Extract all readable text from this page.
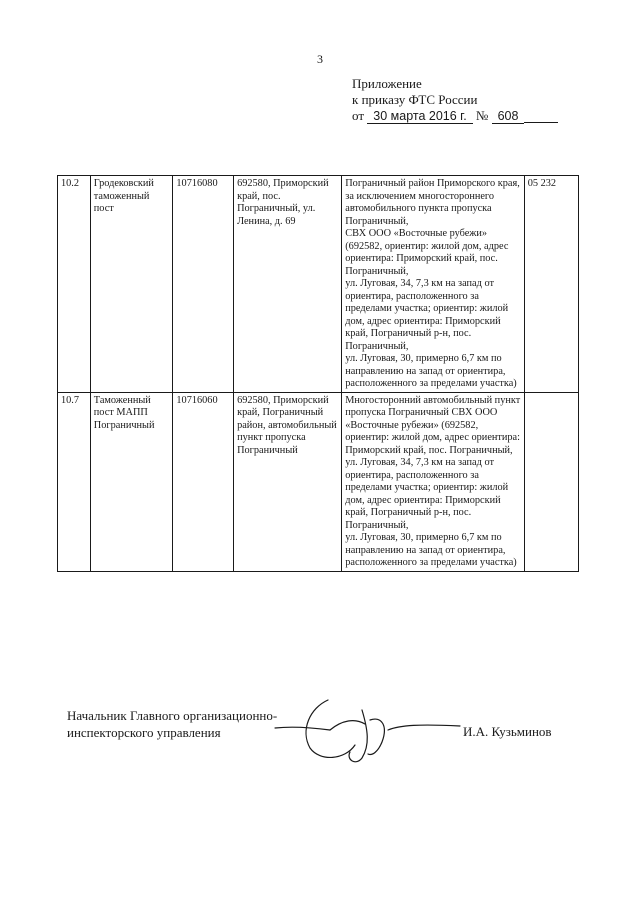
3
Приложение
к приказу ФТС России
от 30 марта 2016 г. № 608
10.2	Гродековский таможенный пост	10716080	692580, Приморский край, пос. Пограничный, ул. Ленина, д. 69	Пограничный район Приморского края, за исключением многостороннего автомобильного пункта пропуска Пограничный,
СВХ ООО «Восточные рубежи» (692582, ориентир: жилой дом, адрес ориентира: Приморский край, пос. Пограничный,
ул. Луговая, 34, 7,3 км на запад от ориентира, расположенного за пределами участка; ориентир: жилой дом, адрес ориентира: Приморский край, Пограничный р-н, пос. Пограничный,
ул. Луговая, 30, примерно 6,7 км по направлению на запад от ориентира, расположенного за пределами участка)	05 232
10.7	Таможенный пост МАПП Пограничный	10716060	692580, Приморский край, Пограничный район, автомобильный пункт пропуска Пограничный	Многосторонний автомобильный пункт пропуска Пограничный СВХ ООО «Восточные рубежи» (692582, ориентир: жилой дом, адрес ориентира: Приморский край, пос. Пограничный,
ул. Луговая, 34, 7,3 км на запад от ориентира, расположенного за пределами участка; ориентир: жилой дом, адрес ориентира: Приморский край, Пограничный р-н, пос. Пограничный,
ул. Луговая, 30, примерно 6,7 км по направлению на запад от ориентира, расположенного за пределами участка)	

Начальник Главного организационно-
инспекторского управления	И.А. Кузьминов
